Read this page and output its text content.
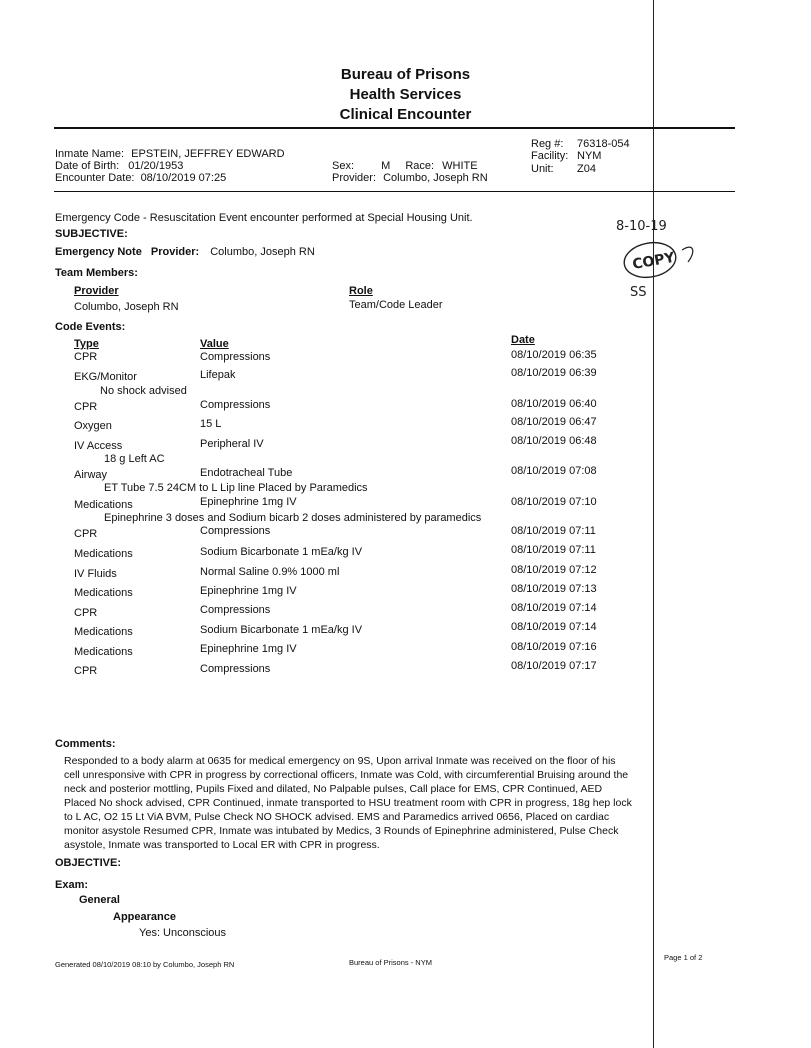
Bureau of Prisons
Health Services
Clinical Encounter
Inmate Name: EPSTEIN, JEFFREY EDWARD
Date of Birth: 01/20/1953
Encounter Date: 08/10/2019 07:25
Sex: M Race: WHITE
Provider: Columbo, Joseph RN
Reg #: 76318-054
Facility: NYM
Unit: Z04
Emergency Code - Resuscitation Event encounter performed at Special Housing Unit.
SUBJECTIVE:
Emergency Note Provider: Columbo, Joseph RN
Team Members:
Provider	Role
Columbo, Joseph RN	Team/Code Leader
Code Events:
Type	Value	Date
CPR	Compressions	08/10/2019 06:35
EKG/Monitor	Lifepak	08/10/2019 06:39
No shock advised
CPR	Compressions	08/10/2019 06:40
Oxygen	15 L	08/10/2019 06:47
IV Access	Peripheral IV	08/10/2019 06:48
18 g Left AC
Airway	Endotracheal Tube	08/10/2019 07:08
ET Tube 7.5 24CM to L Lip line Placed by Paramedics
Medications	Epinephrine 1mg IV	08/10/2019 07:10
Epinephrine 3 doses and Sodium bicarb 2 doses administered by paramedics
CPR	Compressions	08/10/2019 07:11
Medications	Sodium Bicarbonate 1 mEa/kg IV	08/10/2019 07:11
IV Fluids	Normal Saline 0.9% 1000 ml	08/10/2019 07:12
Medications	Epinephrine 1mg IV	08/10/2019 07:13
CPR	Compressions	08/10/2019 07:14
Medications	Sodium Bicarbonate 1 mEa/kg IV	08/10/2019 07:14
Medications	Epinephrine 1mg IV	08/10/2019 07:16
CPR	Compressions	08/10/2019 07:17
Comments:
Responded to a body alarm at 0635 for medical emergency on 9S, Upon arrival Inmate was received on the floor of his
cell unresponsive with CPR in progress by correctional officers, Inmate was Cold, with circumferential Bruising around the
neck and posterior mottling, Pupils Fixed and dilated, No Palpable pulses, Call place for EMS, CPR Continued, AED
Placed No shock advised, CPR Continued, inmate transported to HSU treatment room with CPR in progress, 18g hep lock
to L AC, O2 15 Lt ViA BVM, Pulse Check NO SHOCK advised. EMS and Paramedics arrived 0656, Placed on cardiac
monitor asystole Resumed CPR, Inmate was intubated by Medics, 3 Rounds of Epinephrine administered, Pulse Check
asystole, Inmate was transported to Local ER with CPR in progress.
OBJECTIVE:
Exam:
General
Appearance
Yes: Unconscious
Generated 08/10/2019 08:10 by Columbo, Joseph RN	Bureau of Prisons - NYM
Page 1 of 2
8-10-19
COPY
SS
